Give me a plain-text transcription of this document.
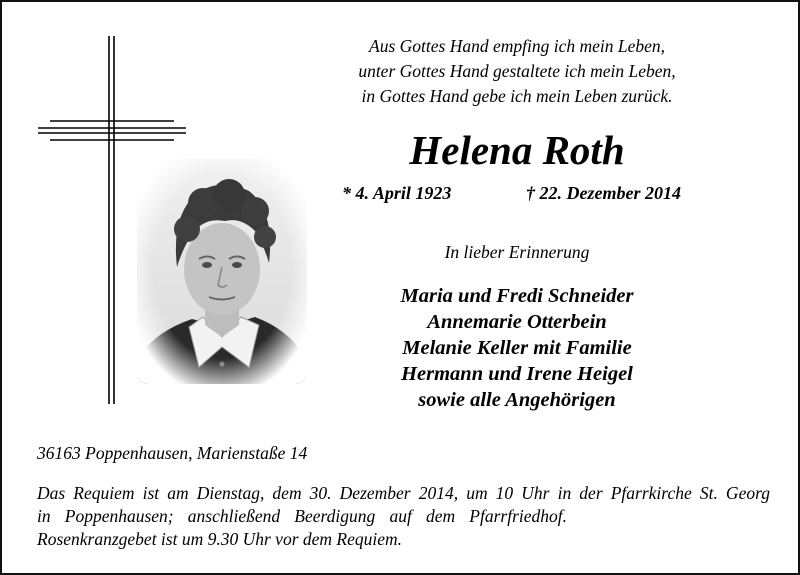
Aus Gottes Hand empfing ich mein Leben,
unter Gottes Hand gestaltete ich mein Leben,
in Gottes Hand gebe ich mein Leben zurück.
Helena Roth
* 4. April 1923	† 22. Dezember 2014
In lieber Erinnerung
Maria und Fredi Schneider
Annemarie Otterbein
Melanie Keller mit Familie
Hermann und Irene Heigel
sowie alle Angehörigen
36163 Poppenhausen, Marienstaße 14
Das Requiem ist am Dienstag, dem 30. Dezember 2014, um 10 Uhr in der Pfarrkirche St. Georg
in Poppenhausen; anschließend Beerdigung auf dem Pfarrfriedhof.
Rosenkranzgebet ist um 9.30 Uhr vor dem Requiem.
